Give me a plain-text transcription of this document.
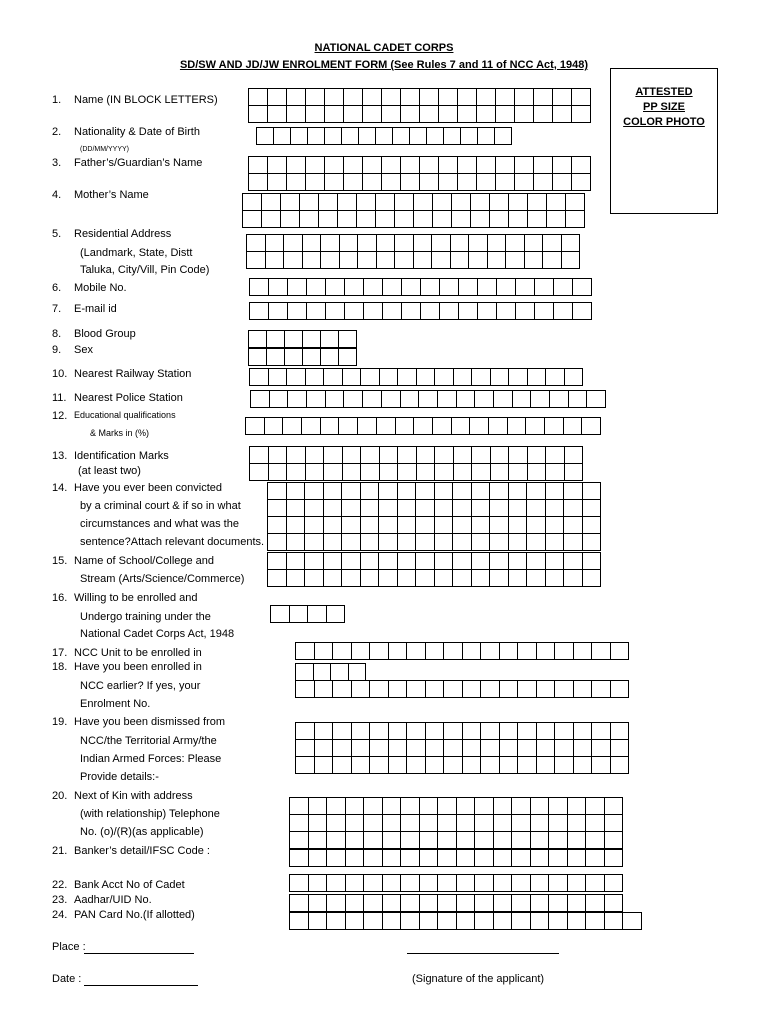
NATIONAL CADET CORPS
SD/SW AND JD/JW ENROLMENT FORM (See Rules 7 and 11 of NCC Act, 1948)
ATTESTED
PP SIZE
COLOR PHOTO
1. Name (IN BLOCK LETTERS)

2. Nationality & Date of Birth
(DD/MM/YYYY)

3. Father’s/Guardian’s Name

4. Mother’s Name

5. Residential Address
(Landmark, State, Distt
Taluka, City/Vill, Pin Code)

6. Mobile No.

7. E-mail id

8. Blood Group

9. Sex

10. Nearest Railway Station

11. Nearest Police Station

12. Educational qualifications
& Marks in (%)

13. Identification Marks
(at least two)

14. Have you ever been convicted
by a criminal court & if so in what
circumstances and what was the
sentence?Attach relevant documents.

15. Name of School/College and
Stream (Arts/Science/Commerce)

16. Willing to be enrolled and
Undergo training under the
National Cadet Corps Act, 1948

17. NCC Unit to be enrolled in

18. Have you been enrolled in
NCC earlier? If yes, your
Enrolment No.

19. Have you been dismissed from
NCC/the Territorial Army/the
Indian Armed Forces: Please
Provide details:-

20. Next of Kin with address
(with relationship) Telephone
No. (o)/(R)(as applicable)

21. Banker’s detail/IFSC Code :

22. Bank Acct No of Cadet

23. Aadhar/UID No.

24. PAN Card No.(If allotted)

Place :
Date :	(Signature of the applicant)
